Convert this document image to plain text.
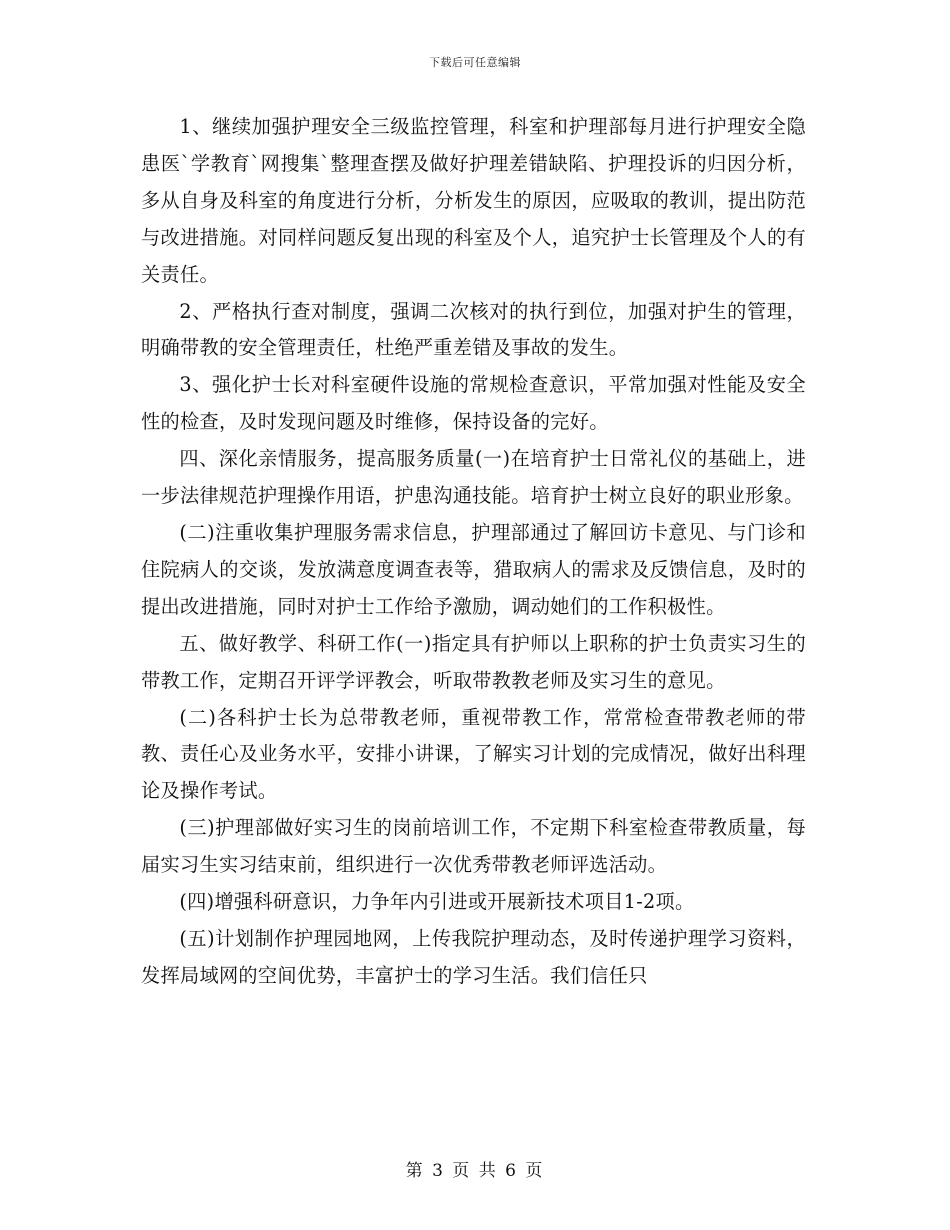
下载后可任意编辑

1、继续加强护理安全三级监控管理，科室和护理部每月进行护理安全隐患医`学教育`网搜集`整理查摆及做好护理差错缺陷、护理投诉的归因分析，多从自身及科室的角度进行分析，分析发生的原因，应吸取的教训，提出防范与改进措施。对同样问题反复出现的科室及个人，追究护士长管理及个人的有关责任。

2、严格执行查对制度，强调二次核对的执行到位，加强对护生的管理，明确带教的安全管理责任，杜绝严重差错及事故的发生。

3、强化护士长对科室硬件设施的常规检查意识，平常加强对性能及安全性的检查，及时发现问题及时维修，保持设备的完好。

四、深化亲情服务，提高服务质量(一)在培育护士日常礼仪的基础上，进一步法律规范护理操作用语，护患沟通技能。培育护士树立良好的职业形象。

(二)注重收集护理服务需求信息，护理部通过了解回访卡意见、与门诊和住院病人的交谈，发放满意度调查表等，猎取病人的需求及反馈信息，及时的提出改进措施，同时对护士工作给予激励，调动她们的工作积极性。

五、做好教学、科研工作(一)指定具有护师以上职称的护士负责实习生的带教工作，定期召开评学评教会，听取带教教老师及实习生的意见。

(二)各科护士长为总带教老师，重视带教工作，常常检查带教老师的带教、责任心及业务水平，安排小讲课，了解实习计划的完成情况，做好出科理论及操作考试。

(三)护理部做好实习生的岗前培训工作，不定期下科室检查带教质量，每届实习生实习结束前，组织进行一次优秀带教老师评选活动。

(四)增强科研意识，力争年内引进或开展新技术项目1-2项。

(五)计划制作护理园地网，上传我院护理动态，及时传递护理学习资料，发挥局域网的空间优势，丰富护士的学习生活。我们信任只

第 3 页 共 6 页
